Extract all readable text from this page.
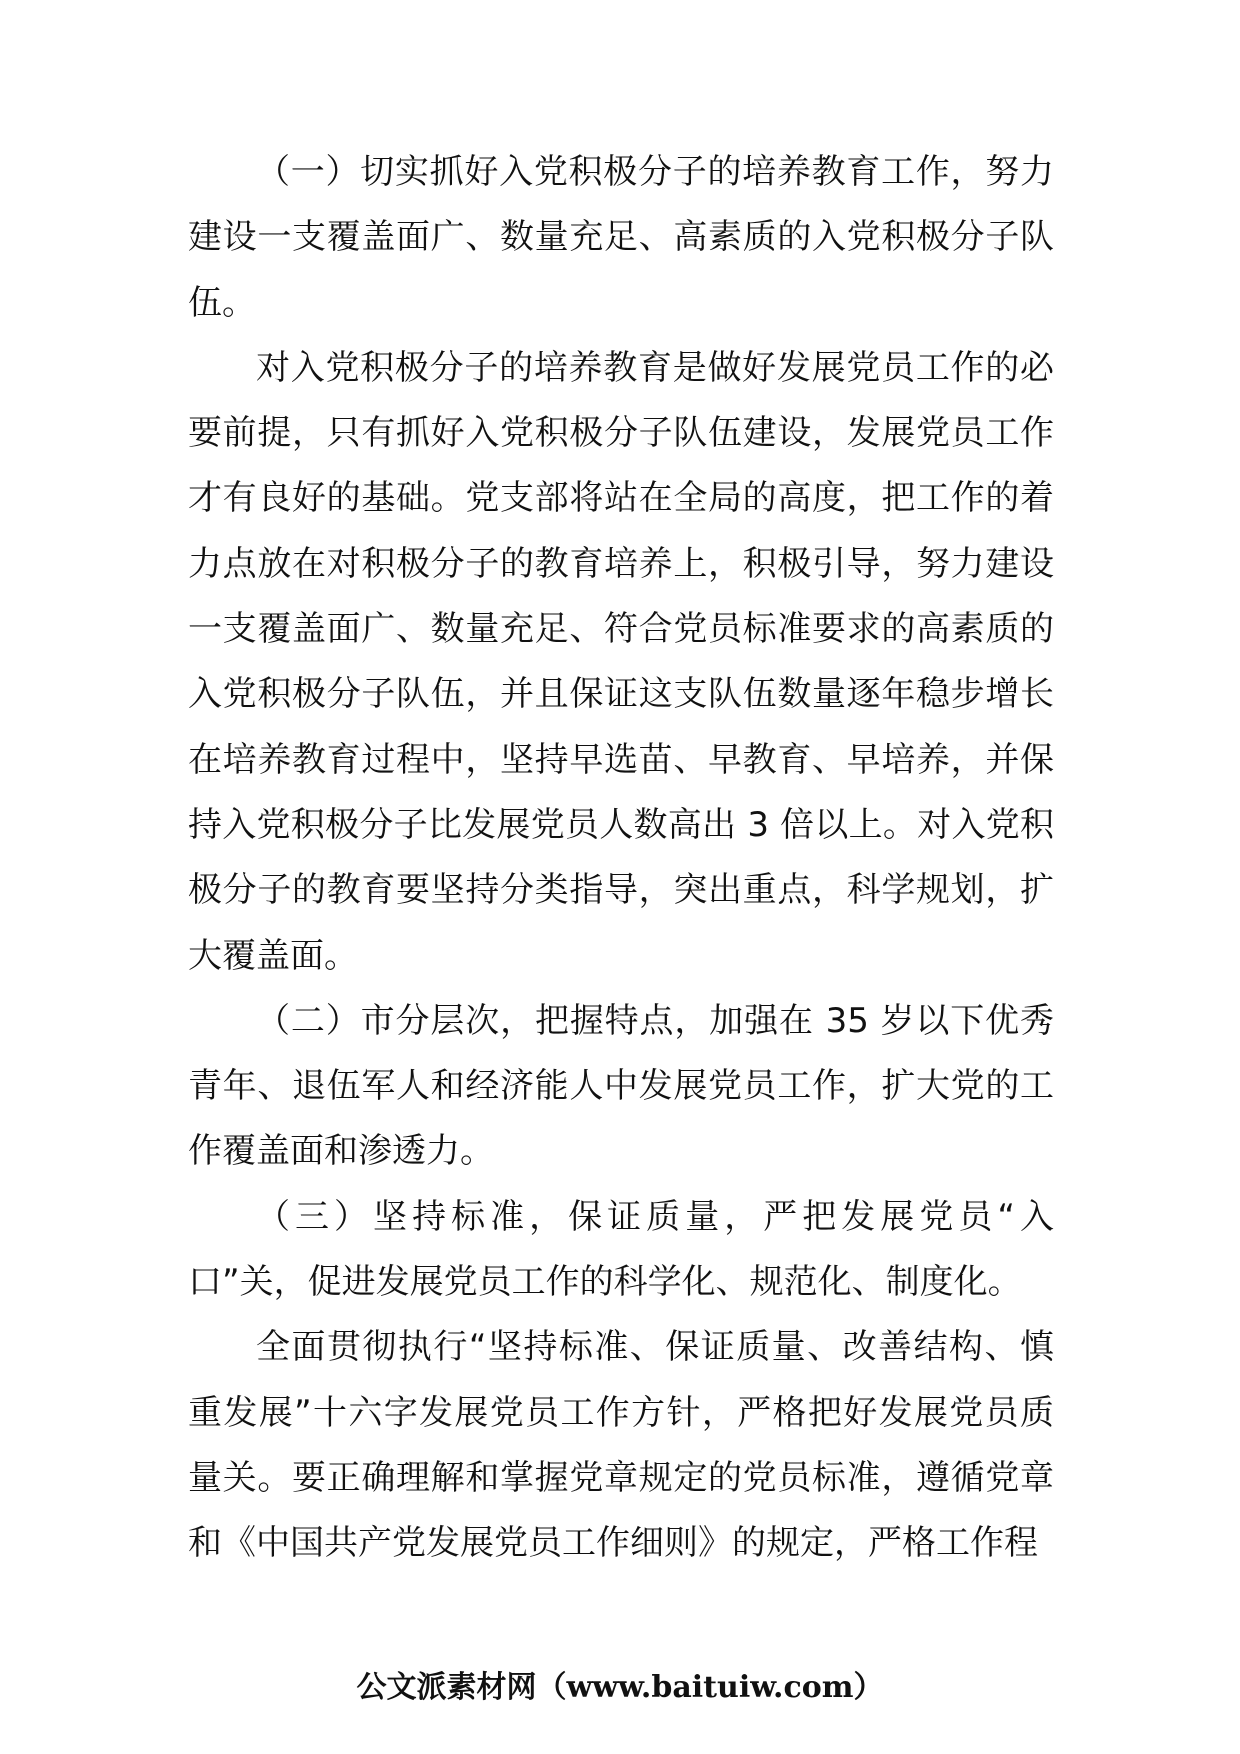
（一）切实抓好入党积极分子的培养教育工作，努力建设一支覆盖面广、数量充足、高素质的入党积极分子队伍。

对入党积极分子的培养教育是做好发展党员工作的必要前提，只有抓好入党积极分子队伍建设，发展党员工作才有良好的基础。党支部将站在全局的高度，把工作的着力点放在对积极分子的教育培养上，积极引导，努力建设一支覆盖面广、数量充足、符合党员标准要求的高素质的入党积极分子队伍，并且保证这支队伍数量逐年稳步增长在培养教育过程中，坚持早选苗、早教育、早培养，并保持入党积极分子比发展党员人数高出 3 倍以上。对入党积极分子的教育要坚持分类指导，突出重点，科学规划，扩大覆盖面。

（二）市分层次，把握特点，加强在 35 岁以下优秀青年、退伍军人和经济能人中发展党员工作，扩大党的工作覆盖面和渗透力。

（三）坚持标准，保证质量，严把发展党员“入口”关，促进发展党员工作的科学化、规范化、制度化。

全面贯彻执行“坚持标准、保证质量、改善结构、慎重发展”十六字发展党员工作方针，严格把好发展党员质量关。要正确理解和掌握党章规定的党员标准，遵循党章和《中国共产党发展党员工作细则》的规定，严格工作程

公文派素材网（www.baituiw.com）
